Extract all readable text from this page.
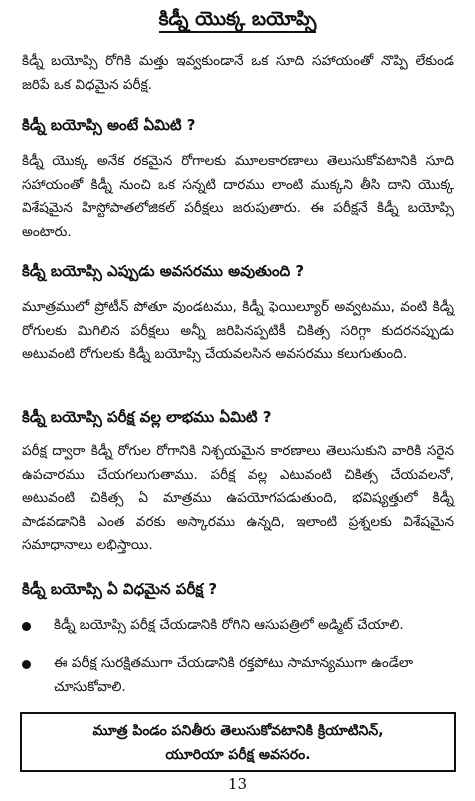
కిడ్నీ యొక్క బయోప్సి
కిడ్నీ బయోప్సి రోగికి మత్తు ఇవ్వకుండానే ఒక సూది సహాయంతో నొప్పి లేకుండ జరిపే ఒక విధమైన పరీక్ష.
కిడ్నీ బయోప్సి అంటే ఏమిటి ?
కిడ్నీ యొక్క అనేక రకమైన రోగాలకు మూలకారణాలు తెలుసుకోవటానికి సూది సహాయంతో కిడ్నీ నుంచి ఒక సన్నటి దారము లాంటి ముక్కని తీసి దాని యొక్క విశేషమైన హిస్టోపాతలోజికల్ పరీక్షలు జరుపుతారు. ఈ పరీక్షనే కిడ్నీ బయోప్సి అంటారు.
కిడ్నీ బయోప్సి ఎప్పుడు అవసరము అవుతుంది ?
మూత్రములో ప్రోటీన్ పోతూ వుండటము, కిడ్నీ ఫెయిల్యూర్ అవ్వటము, వంటి కిడ్నీ రోగులకు మిగిలిన పరీక్షలు అన్నీ జరిపినప్పటికీ చికిత్స సరిగ్గా కుదరనప్పుడు అటువంటి రోగులకు కిడ్నీ బయోప్సి చేయవలసిన అవసరము కలుగుతుంది.
కిడ్నీ బయోప్సి పరీక్ష వల్ల లాభము ఏమిటి ?
పరీక్ష ద్వారా కిడ్నీ రోగుల రోగానికి నిశ్చయమైన కారణాలు తెలుసుకుని వారికి సరైన ఉపచారము చేయగలుగుతాము. పరీక్ష వల్ల ఎటువంటి చికిత్స చేయవలనో, అటువంటి చికిత్స ఏ మాత్రము ఉపయోగపడుతుంది, భవిష్యత్తులో కిడ్నీ పాడవడానికి ఎంత వరకు అస్కారము ఉన్నది, ఇలాంటి ప్రశ్నలకు విశేషమైన సమాధానాలు లభిస్తాయి.
కిడ్నీ బయోప్సి ఏ విధమైన పరీక్ష ?
కిడ్నీ బయోప్సి పరీక్ష చేయడానికి రోగిని ఆసుపత్రిలో అడ్మిట్ చేయాలి.
ఈ పరీక్ష సురక్షితముగా చేయడానికి రక్తపోటు సామాన్యముగా ఉండేలా చూసుకోవాలి.
మూత్ర పిండం పనితీరు తెలుసుకోవటానికి క్రియాటినిన్,
యూరియా పరీక్ష అవసరం.
13
